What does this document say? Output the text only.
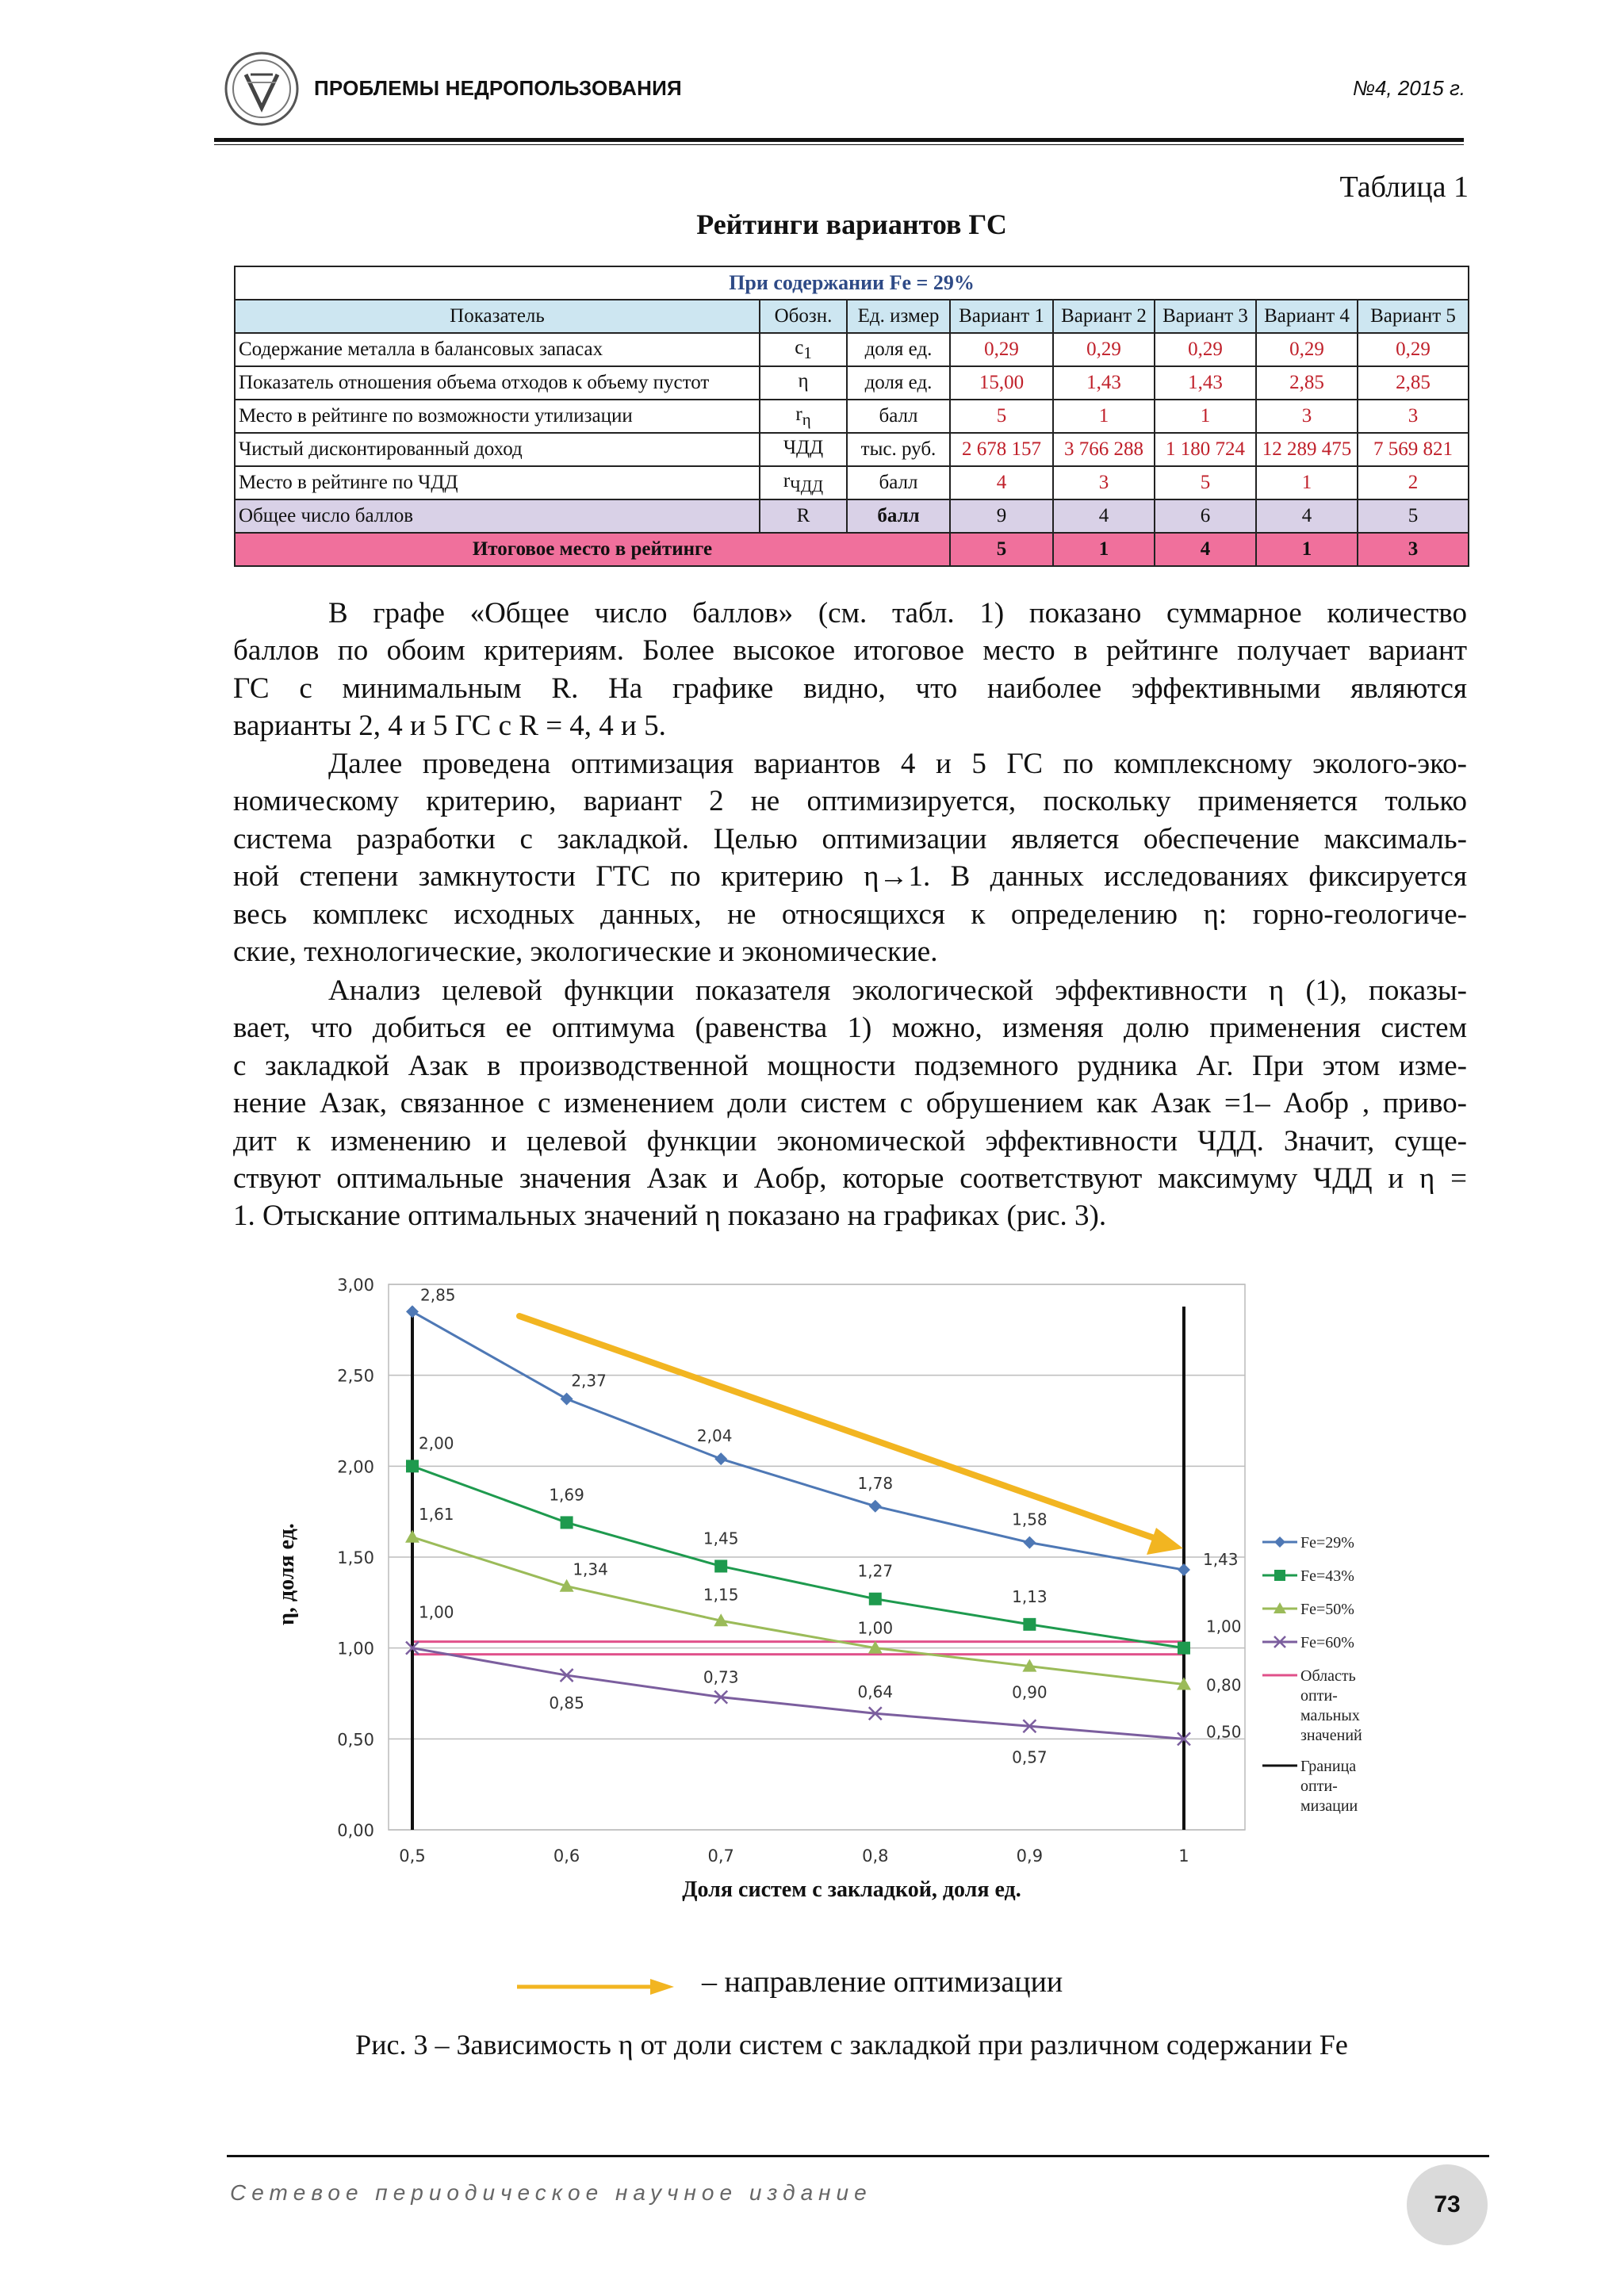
ПРОБЛЕМЫ НЕДРОПОЛЬЗОВАНИЯ	№4, 2015 г.
Таблица 1
Рейтинги вариантов ГС
При содержании Fe = 29%							
Показатель	Обозн.	Ед. измер	Вариант 1	Вариант 2	Вариант 3	Вариант 4	Вариант 5
Содержание металла в балансовых запасах	$c_1$	доля ед.	0,29	0,29	0,29	0,29	0,29
Показатель отношения объема отходов к объему пустот	η	доля ед.	15,00	1,43	1,43	2,85	2,85
Место в рейтинге по возможности утилизации	$r_\eta$	балл	5	1	1	3	3
Чистый дисконтированный доход	ЧДД	тыс. руб.	2 678 157	3 766 288	1 180 724	12 289 475	7 569 821
Место в рейтинге по ЧДД	$r_{ЧДД}$	балл	4	3	5	1	2
Общее число баллов	R	балл	9	4	6	4	5
Итоговое место в рейтинге			5	1	4	1	3
В графе «Общее число баллов» (см. табл. 1) показано суммарное количество
баллов по обоим критериям. Более высокое итоговое место в рейтинге получает вариант
ГС с минимальным R. На графике видно, что наиболее эффективными являются
варианты 2, 4 и 5 ГС с R = 4, 4 и 5.
Далее проведена оптимизация вариантов 4 и 5 ГС по комплексному эколого-эко-
номическому критерию, вариант 2 не оптимизируется, поскольку применяется только
система разработки с закладкой. Целью оптимизации является обеспечение максималь-
ной степени замкнутости ГТС по критерию η→1. В данных исследованиях фиксируется
весь комплекс исходных данных, не относящихся к определению η: горно-геологиче-
ские, технологические, экологические и экономические.
Анализ целевой функции показателя экологической эффективности η (1), показы-
вает, что добиться ее оптимума (равенства 1) можно, изменяя долю применения систем
с закладкой Aзак в производственной мощности подземного рудника Aг. При этом изме-
нение Aзак, связанное с изменением доли систем с обрушением как Aзак =1– Aобр , приво-
дит к изменению и целевой функции экономической эффективности ЧДД. Значит, суще-
ствуют оптимальные значения Aзак и Aобр, которые соответствуют максимуму ЧДД и η =
1. Отыскание оптимальных значений η показано на графиках (рис. 3).
0,00
0,50
1,00
1,50
2,00
2,50
3,00
0,5	0,6	0,7	0,8	0,9	1
2,85
2,37
2,04
1,78
1,58
1,43
2,00
1,69
1,45
1,27
1,13
1,00
1,61
1,34
1,15
1,00
0,90	0,80
1,00
0,85
0,73
0,64
0,57
0,50
Fe=29%
Fe=43%
Fe=50%
Fe=60%
Область
опти-
мальных
значений
Граница
опти-
мизации
η, доля ед.
Доля систем с закладкой, доля ед.
– направление оптимизации
Рис. 3 – Зависимость η от доли систем с закладкой при различном содержании Fe
Сетевое периодическое научное издание	73
